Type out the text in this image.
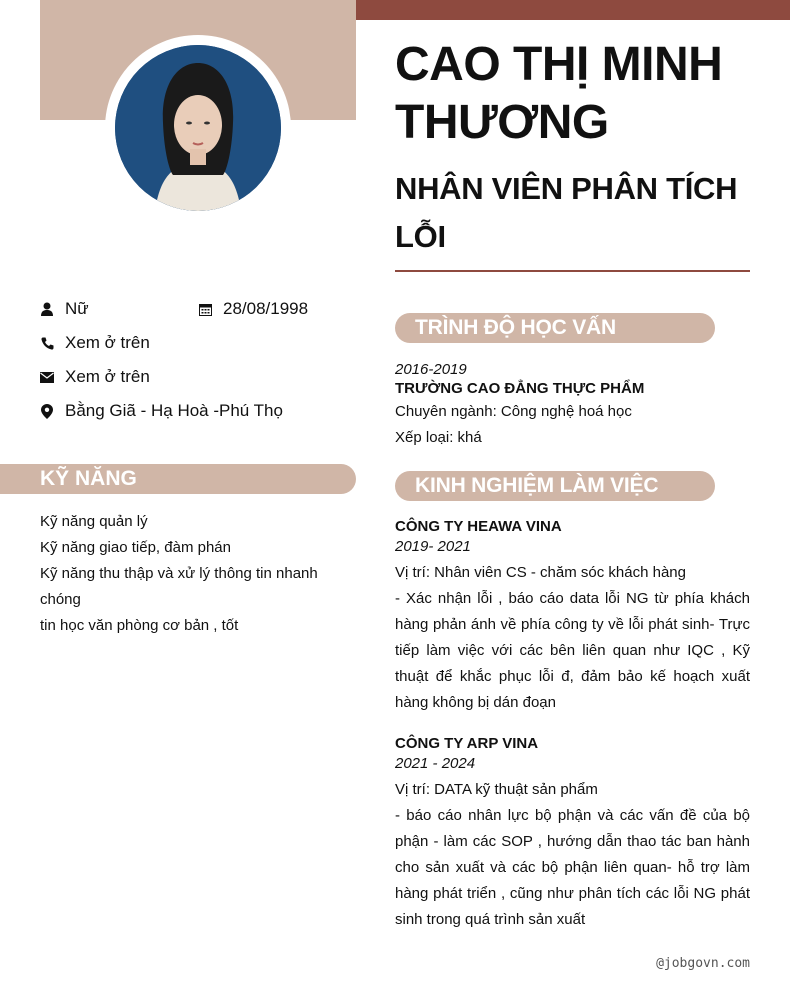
CAO THỊ MINH THƯƠNG
NHÂN VIÊN PHÂN TÍCH LỖI
Nữ	28/08/1998
Xem ở trên
Xem ở trên
Bằng Giã - Hạ Hoà -Phú Thọ
KỸ NĂNG
Kỹ năng quản lý
Kỹ năng giao tiếp, đàm phán
Kỹ năng thu thập và xử lý thông tin nhanh chóng
tin học văn phòng cơ bản , tốt
TRÌNH ĐỘ HỌC VẤN
2016-2019
TRƯỜNG CAO ĐẲNG THỰC PHẨM
Chuyên ngành: Công nghệ hoá học
Xếp loại: khá
KINH NGHIỆM LÀM VIỆC
CÔNG TY HEAWA VINA
2019- 2021
Vị trí: Nhân viên CS - chăm sóc khách hàng
- Xác nhận lỗi , báo cáo data lỗi NG từ phía khách hàng phản ánh về phía công ty về lỗi phát sinh- Trực tiếp làm việc với các bên liên quan như IQC , Kỹ thuật để khắc phục lỗi đ, đảm bảo kế hoạch xuất hàng không bị dán đoạn
CÔNG TY ARP VINA
2021 - 2024
Vị trí: DATA kỹ thuật sản phẩm
- báo cáo nhân lực bộ phận và các vấn đề của bộ phận - làm các SOP , hướng dẫn thao tác ban hành cho sản xuất và các bộ phận liên quan- hỗ trợ làm hàng phát triển , cũng như phân tích các lỗi NG phát sinh trong quá trình sản xuất
@jobgovn.com
